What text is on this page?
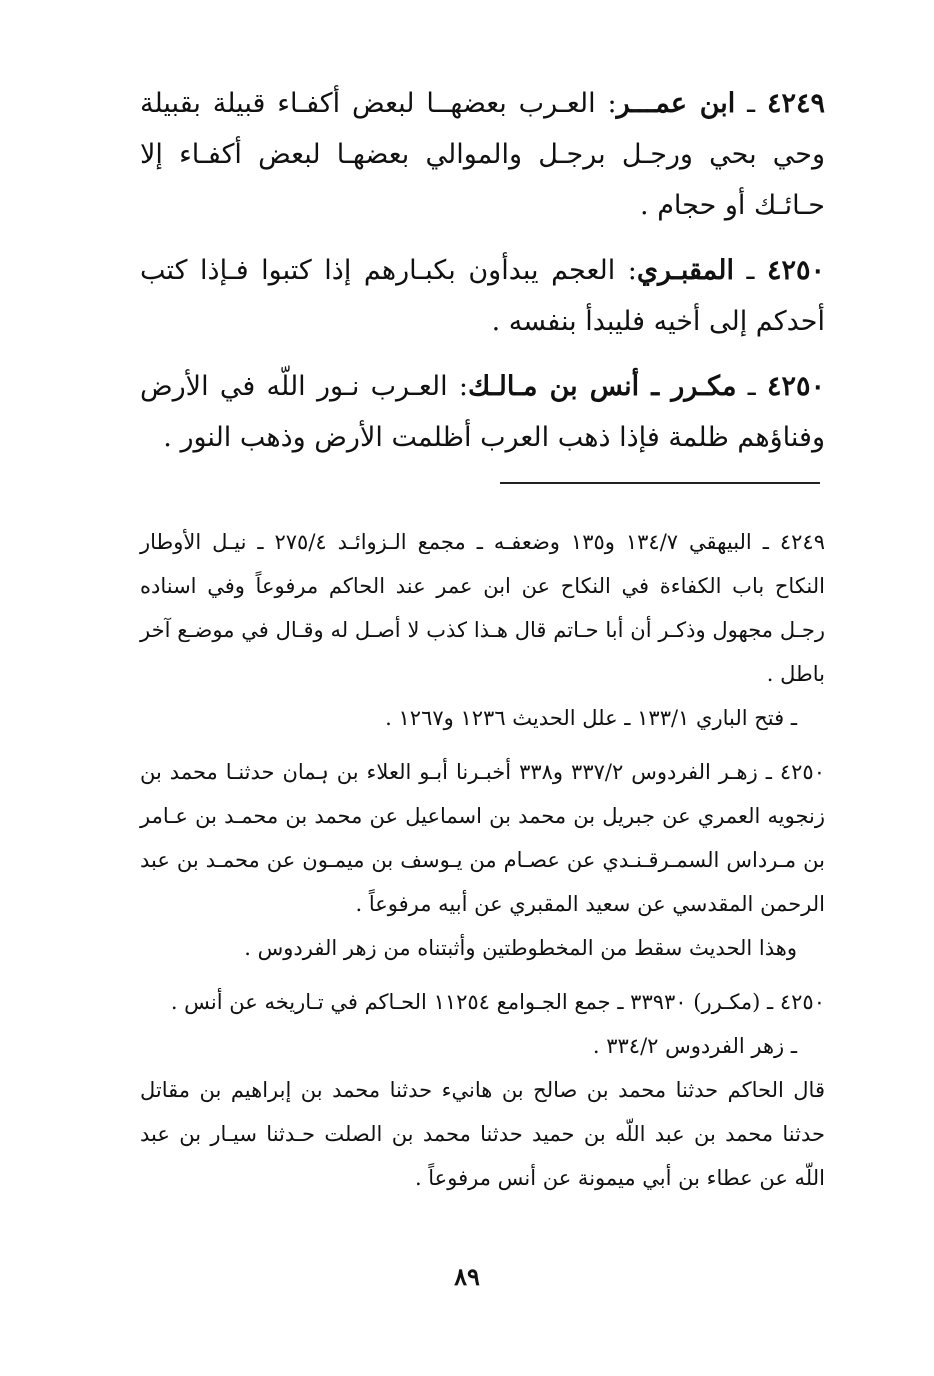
٤٢٤٩ ـ ابن عمـــر: العـرب بعضهــا لبعض أكفـاء قبيلة بقبيلة وحي بحي ورجـل برجـل والموالي بعضهـا لبعض أكفـاء إلا حـائـك أو حجام .

٤٢٥٠ ـ المقبـري: العجم يبدأون بكبـارهم إذا كتبوا فـإذا كتب أحدكم إلى أخيه فليبدأ بنفسه .

٤٢٥٠ ـ مكـرر ـ أنس بن مـالـك: العـرب نـور اللّه في الأرض وفناؤهم ظلمة فإذا ذهب العرب أظلمت الأرض وذهب النور .

٤٢٤٩ ـ البيهقي ١٣٤/٧ و١٣٥ وضعفـه ـ مجمع الـزوائـد ٢٧٥/٤ ـ نيـل الأوطار النكاح باب الكفاءة في النكاح عن ابن عمر عند الحاكم مرفوعاً وفي اسناده رجـل مجهول وذكـر أن أبا حـاتم قال هـذا كذب لا أصـل له وقـال في موضـع آخر باطل .

ـ فتح الباري ١٣٣/١ ـ علل الحديث ١٢٣٦ و١٢٦٧ .

٤٢٥٠ ـ زهـر الفردوس ٣٣٧/٢ و٣٣٨ أخبـرنا أبـو العلاء بن ہمان حدثنـا محمد بن زنجويه العمري عن جبريل بن محمد بن اسماعيل عن محمد بن محمـد بن عـامر بن مـرداس السمـرقـنـدي عن عصـام من يـوسف بن ميمـون عن محمـد بن عبد الرحمن المقدسي عن سعيد المقبري عن أبيه مرفوعاً .

وهذا الحديث سقط من المخطوطتين وأثبتناه من زهر الفردوس .

٤٢٥٠ ـ (مكـرر) ٣٣٩٣٠ ـ جمع الجـوامع ١١٢٥٤ الحـاكم في تـاريخه عن أنس .

ـ زهر الفردوس ٣٣٤/٢ .

قال الحاكم حدثنا محمد بن صالح بن هانيء حدثنا محمد بن إبراهيم بن مقاتل حدثنا محمد بن عبد اللّه بن حميد حدثنا محمد بن الصلت حـدثنا سيـار بن عبد اللّه عن عطاء بن أبي ميمونة عن أنس مرفوعاً .

٨٩
